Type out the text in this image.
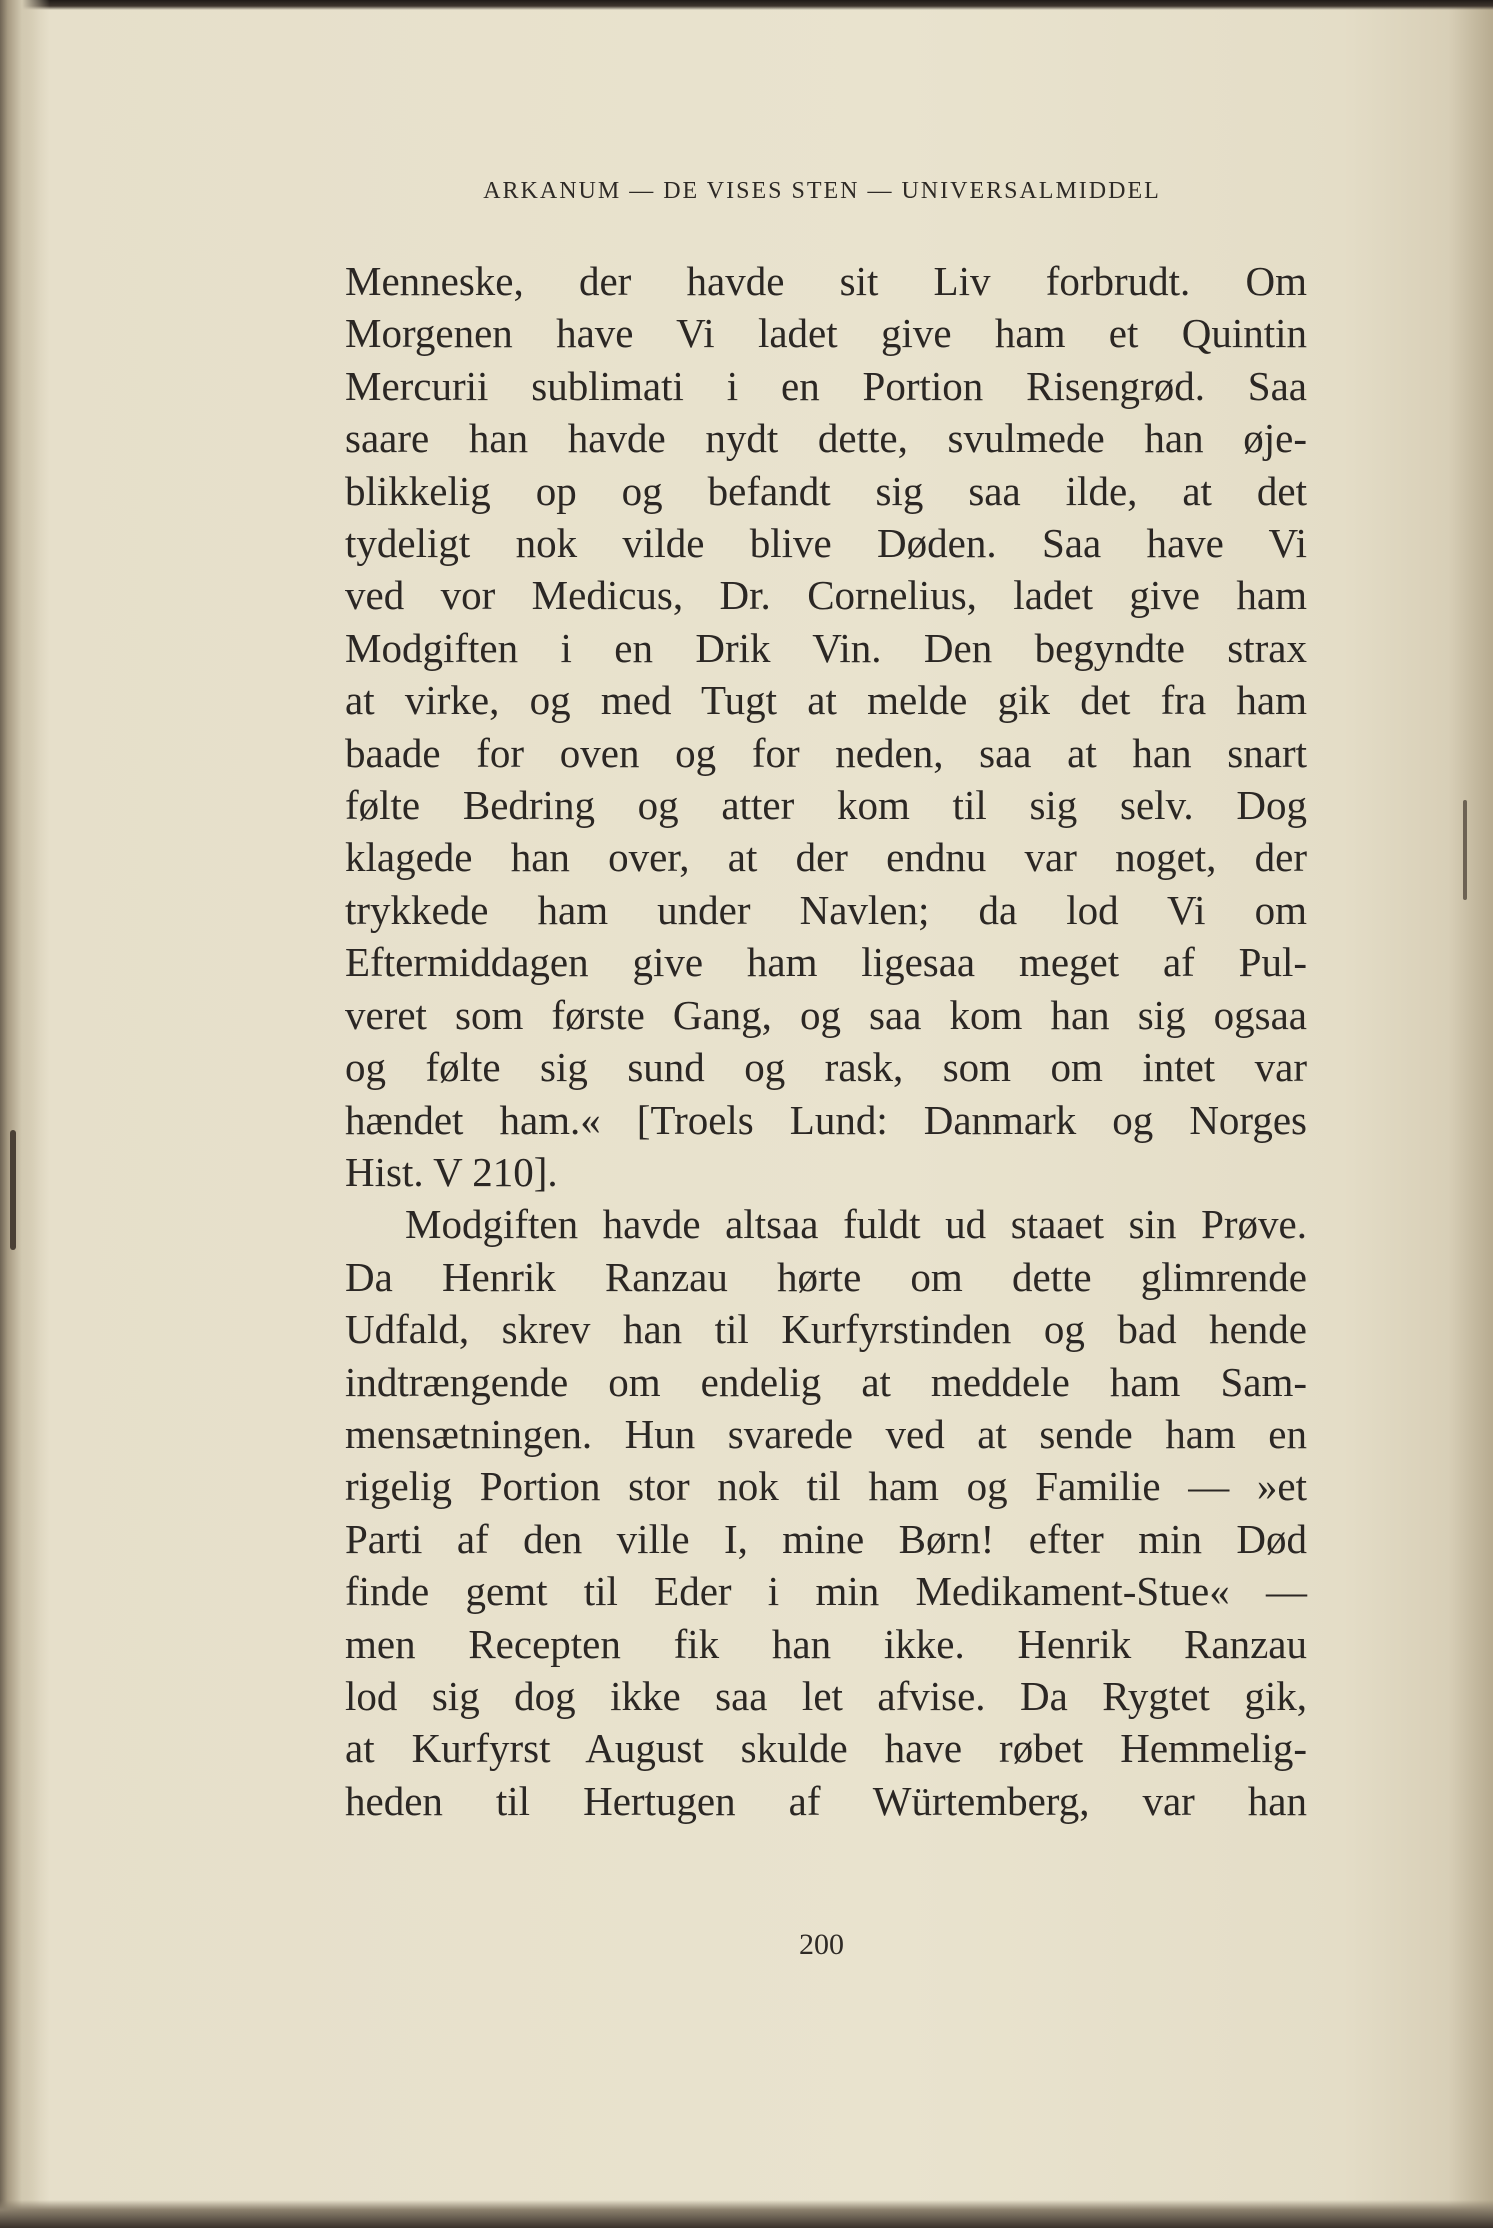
ARKANUM — DE VISES STEN — UNIVERSALMIDDEL

Menneske, der havde sit Liv forbrudt. Om
Morgenen have Vi ladet give ham et Quintin
Mercurii sublimati i en Portion Risengrød. Saa
saare han havde nydt dette, svulmede han øje-
blikkelig op og befandt sig saa ilde, at det
tydeligt nok vilde blive Døden. Saa have Vi
ved vor Medicus, Dr. Cornelius, ladet give ham
Modgiften i en Drik Vin. Den begyndte strax
at virke, og med Tugt at melde gik det fra ham
baade for oven og for neden, saa at han snart
følte Bedring og atter kom til sig selv. Dog
klagede han over, at der endnu var noget, der
trykkede ham under Navlen; da lod Vi om
Eftermiddagen give ham ligesaa meget af Pul-
veret som første Gang, og saa kom han sig ogsaa
og følte sig sund og rask, som om intet var
hændet ham.« [Troels Lund: Danmark og Norges
Hist. V 210].

Modgiften havde altsaa fuldt ud staaet sin Prøve.
Da Henrik Ranzau hørte om dette glimrende
Udfald, skrev han til Kurfyrstinden og bad hende
indtrængende om endelig at meddele ham Sam-
mensætningen. Hun svarede ved at sende ham en
rigelig Portion stor nok til ham og Familie — »et
Parti af den ville I, mine Børn! efter min Død
finde gemt til Eder i min Medikament-Stue« —
men Recepten fik han ikke. Henrik Ranzau
lod sig dog ikke saa let afvise. Da Rygtet gik,
at Kurfyrst August skulde have røbet Hemmelig-
heden til Hertugen af Würtemberg, var han

200
